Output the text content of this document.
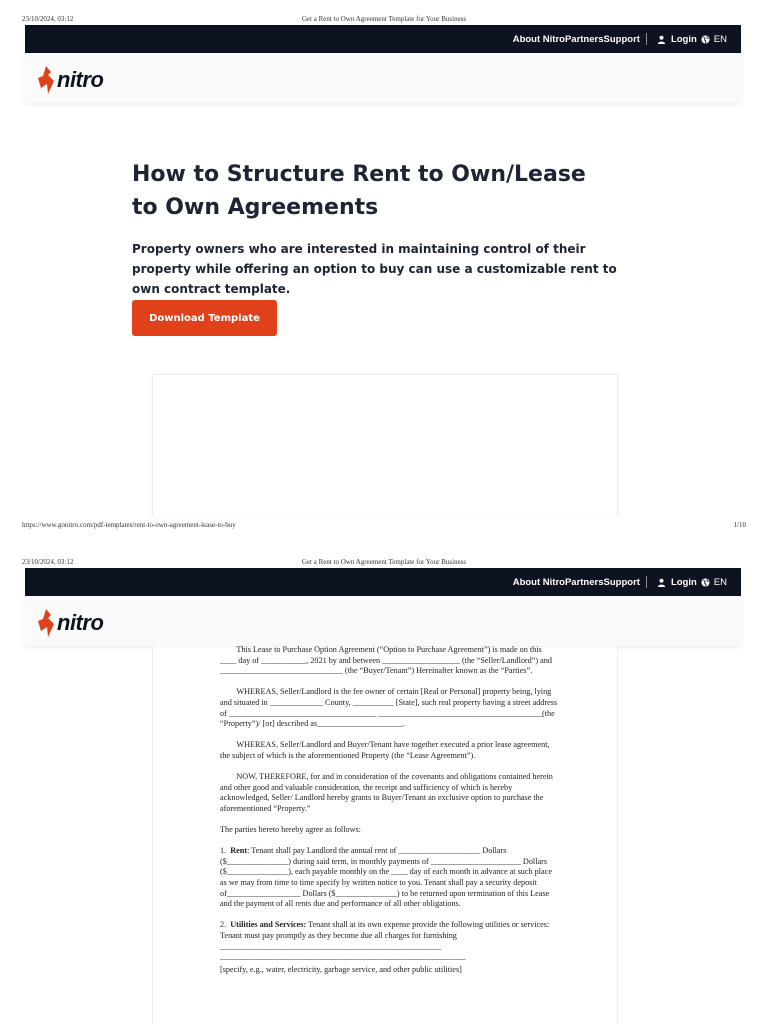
23/10/2024, 03:12	Get a Rent to Own Agreement Template for Your Business
About Nitro Partners Support	Login EN
nitro
How to Structure Rent to Own/Lease to Own Agreements

Property owners who are interested in maintaining control of their property while offering an option to buy can use a customizable rent to own contract template.

Download Template
https://www.gonitro.com/pdf-templates/rent-to-own-agreement-lease-to-buy	1/10
23/10/2024, 03:12	Get a Rent to Own Agreement Template for Your Business
About Nitro Partners Support	Login EN
nitro

This Lease to Purchase Option Agreement (“Option to Purchase Agreement”) is made on this ____ day of ___________, 2021 by and between ___________________ (the “Seller/Landlord”) and ______________________________ (the “Buyer/Tenant”) Hereinafter known as the “Parties”.

WHEREAS, Seller/Landlord is the fee owner of certain [Real or Personal] property being, lying and situated in _____________ County, __________ [State], such real property having a street address of ____________________________________ ________________________________________(the “Property”)/ [or] described as_____________________.

WHEREAS, Seller/Landlord and Buyer/Tenant have together executed a prior lease agreement, the subject of which is the aforementioned Property (the “Lease Agreement”).

NOW, THEREFORE, for and in consideration of the covenants and obligations contained herein and other good and valuable consideration, the receipt and sufficiency of which is hereby acknowledged, Seller/ Landlord hereby grants to Buyer/Tenant an exclusive option to purchase the aforementioned “Property.”

The parties hereto hereby agree as follows:

1.  Rent: Tenant shall pay Landlord the annual rent of ____________________ Dollars ($_______________) during said term, in monthly payments of ______________________ Dollars ($_______________), each payable monthly on the ____ day of each month in advance at such place as we may from time to time specify by written notice to you. Tenant shall pay a security deposit of__________________ Dollars ($_______________) to be returned upon termination of this Lease and the payment of all rents due and performance of all other obligations.

2.  Utilities and Services: Tenant shall at its own expense provide the following utilities or services: Tenant must pay promptly as they become due all charges for furnishing ______________________________________________________ ____________________________________________________________

[specify, e.g., water, electricity, garbage service, and other public utilities]
